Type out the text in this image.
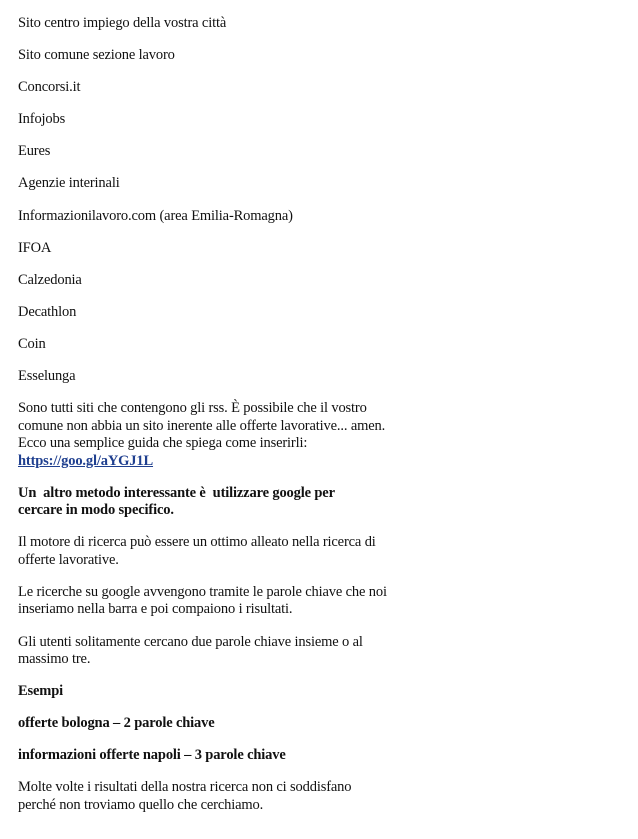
Sito centro impiego della vostra città
Sito comune sezione lavoro
Concorsi.it
Infojobs
Eures
Agenzie interinali
Informazionilavoro.com (area Emilia-Romagna)
IFOA
Calzedonia
Decathlon
Coin
Esselunga
Sono tutti siti che contengono gli rss. È possibile che il vostro
comune non abbia un sito inerente alle offerte lavorative... amen.
Ecco una semplice guida che spiega come inserirli:
https://goo.gl/aYGJ1L
Un  altro metodo interessante è  utilizzare google per
cercare in modo specifico.
Il motore di ricerca può essere un ottimo alleato nella ricerca di
offerte lavorative.
Le ricerche su google avvengono tramite le parole chiave che noi
inseriamo nella barra e poi compaiono i risultati.
Gli utenti solitamente cercano due parole chiave insieme o al
massimo tre.
Esempi
offerte bologna – 2 parole chiave
informazioni offerte napoli – 3 parole chiave
Molte volte i risultati della nostra ricerca non ci soddisfano
perché non troviamo quello che cerchiamo.
